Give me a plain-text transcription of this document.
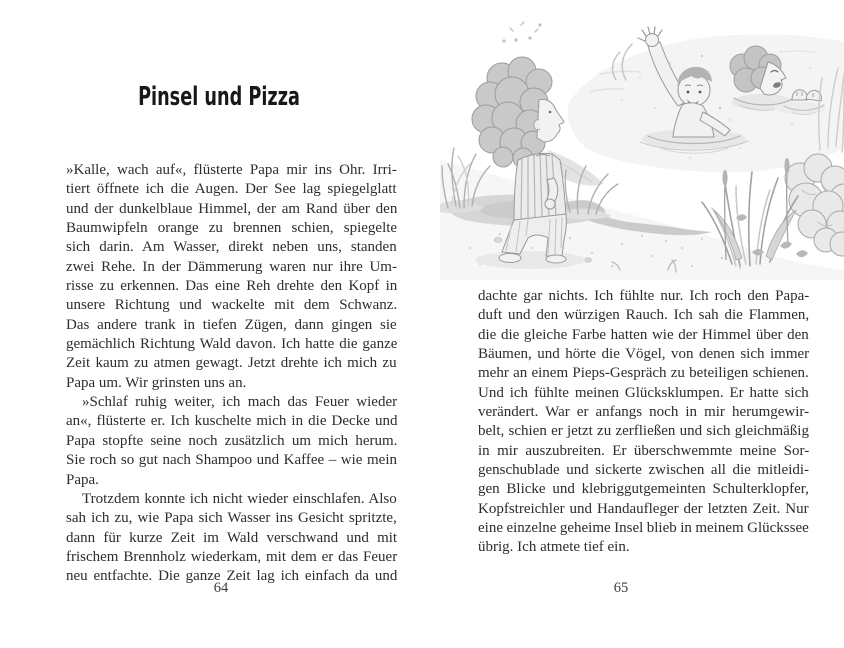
Pinsel und Pizza
»Kalle, wach auf«, flüsterte Papa mir ins Ohr. Irri-
tiert öffnete ich die Augen. Der See lag spiegelglatt
und der dunkelblaue Himmel, der am Rand über den
Baumwipfeln orange zu brennen schien, spiegelte
sich darin. Am Wasser, direkt neben uns, standen
zwei Rehe. In der Dämmerung waren nur ihre Um-
risse zu erkennen. Das eine Reh drehte den Kopf in
unsere Richtung und wackelte mit dem Schwanz.
Das andere trank in tiefen Zügen, dann gingen sie
gemächlich Richtung Wald davon. Ich hatte die ganze
Zeit kaum zu atmen gewagt. Jetzt drehte ich mich zu
Papa um. Wir grinsten uns an.
»Schlaf ruhig weiter, ich mach das Feuer wieder
an«, flüsterte er. Ich kuschelte mich in die Decke und
Papa stopfte seine noch zusätzlich um mich herum.
Sie roch so gut nach Shampoo und Kaffee – wie mein
Papa.
Trotzdem konnte ich nicht wieder einschlafen. Also
sah ich zu, wie Papa sich Wasser ins Gesicht spritzte,
dann für kurze Zeit im Wald verschwand und mit
frischem Brennholz wiederkam, mit dem er das Feuer
neu entfachte. Die ganze Zeit lag ich einfach da und
64
dachte gar nichts. Ich fühlte nur. Ich roch den Papa-
duft und den würzigen Rauch. Ich sah die Flammen,
die die gleiche Farbe hatten wie der Himmel über den
Bäumen, und hörte die Vögel, von denen sich immer
mehr an einem Pieps-Gespräch zu beteiligen schienen.
Und ich fühlte meinen Glücksklumpen. Er hatte sich
verändert. War er anfangs noch in mir herumgewir-
belt, schien er jetzt zu zerfließen und sich gleichmäßig
in mir auszubreiten. Er überschwemmte meine Sor-
genschublade und sickerte zwischen all die mitleidi-
gen Blicke und klebriggutgemeinten Schulterklopfer,
Kopfstreichler und Handaufleger der letzten Zeit. Nur
eine einzelne geheime Insel blieb in meinem Glückssee
übrig. Ich atmete tief ein.
65
